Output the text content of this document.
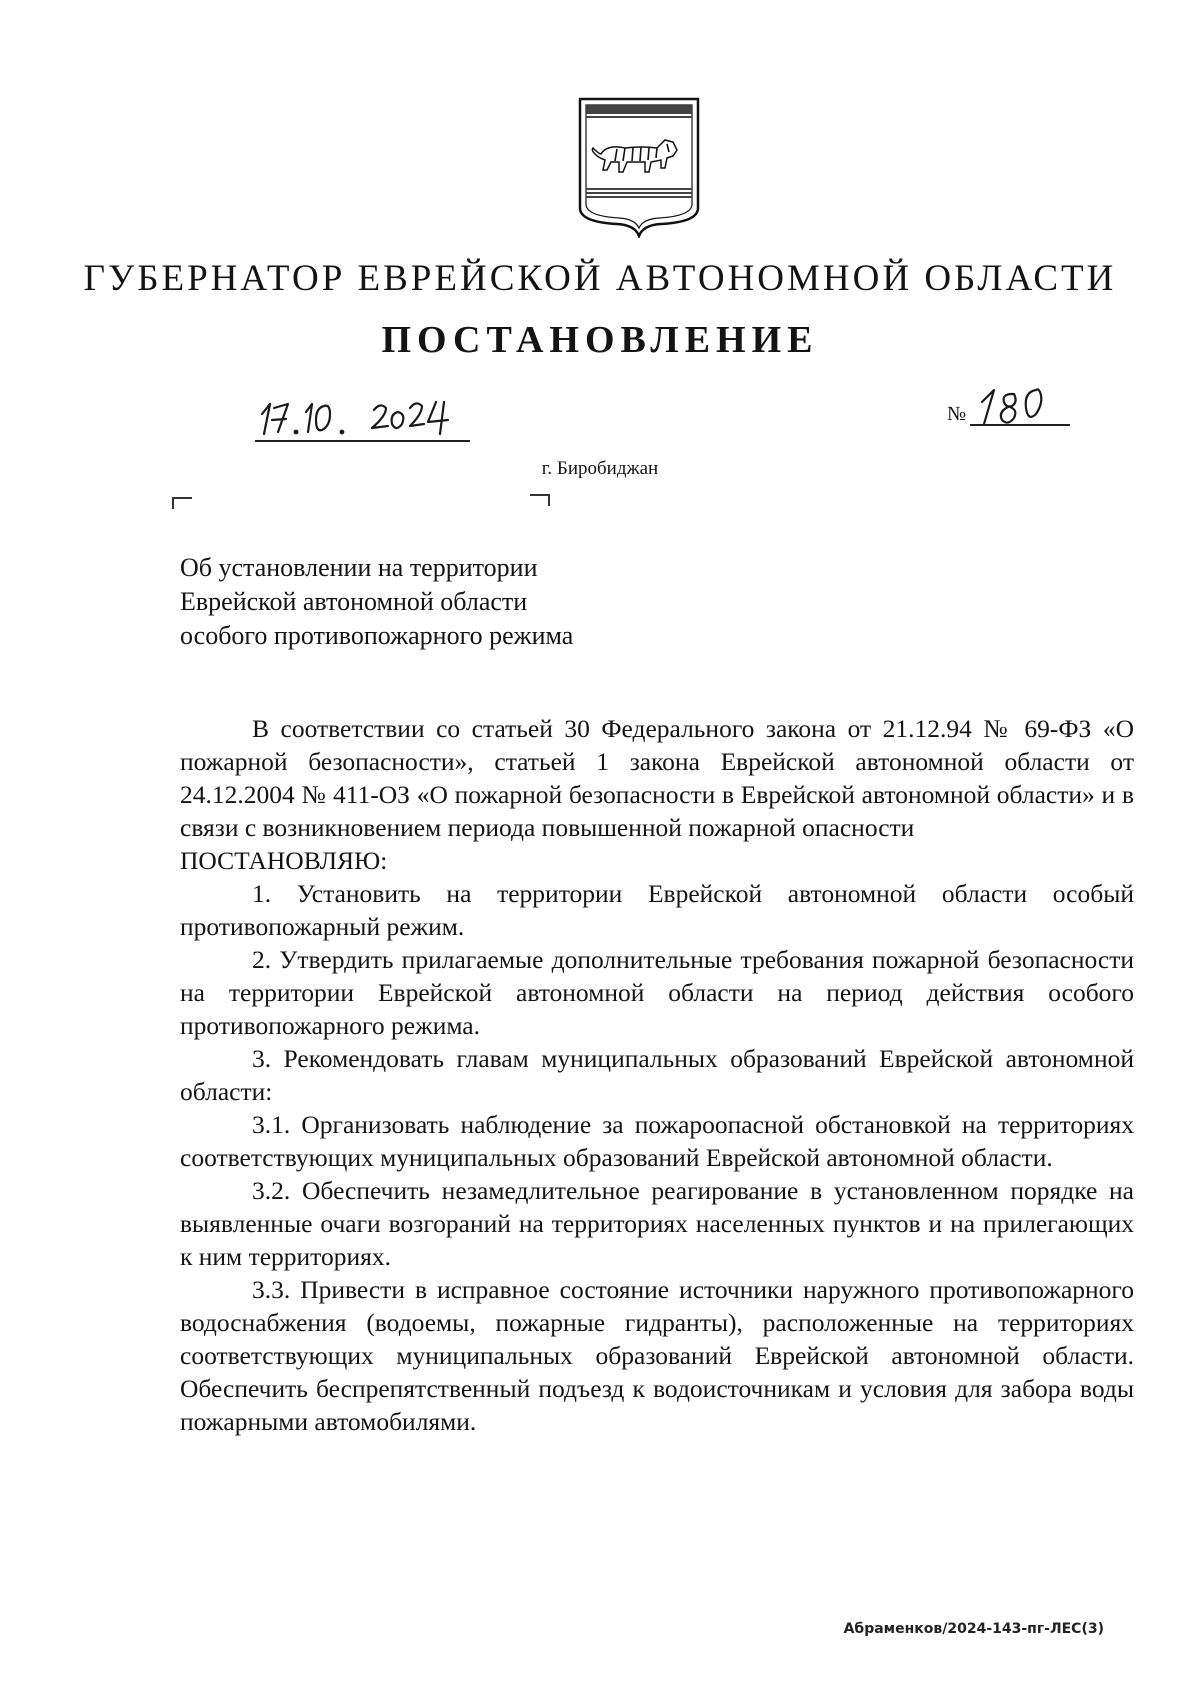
ГУБЕРНАТОР ЕВРЕЙСКОЙ АВТОНОМНОЙ ОБЛАСТИ
ПОСТАНОВЛЕНИЕ
№
г. Биробиджан
Об установлении на территории
Еврейской автономной области
особого противопожарного режима

В соответствии со статьей 30 Федерального закона от 21.12.94 № 69-ФЗ «О пожарной безопасности», статьей 1 закона Еврейской автономной области от 24.12.2004 № 411-ОЗ «О пожарной безопасности в Еврейской автономной области» и в связи с возникновением периода повышенной пожарной опасности

ПОСТАНОВЛЯЮ:

1. Установить на территории Еврейской автономной области особый противопожарный режим.

2. Утвердить прилагаемые дополнительные требования пожарной безопасности на территории Еврейской автономной области на период действия особого противопожарного режима.

3. Рекомендовать главам муниципальных образований Еврейской автономной области:

3.1. Организовать наблюдение за пожароопасной обстановкой на территориях соответствующих муниципальных образований Еврейской автономной области.

3.2. Обеспечить незамедлительное реагирование в установленном порядке на выявленные очаги возгораний на территориях населенных пунктов и на прилегающих к ним территориях.

3.3. Привести в исправное состояние источники наружного противопожарного водоснабжения (водоемы, пожарные гидранты), расположенные на территориях соответствующих муниципальных образований Еврейской автономной области. Обеспечить беспрепятственный подъезд к водоисточникам и условия для забора воды пожарными автомобилями.

Абраменков/2024-143-пг-ЛЕС(3)
